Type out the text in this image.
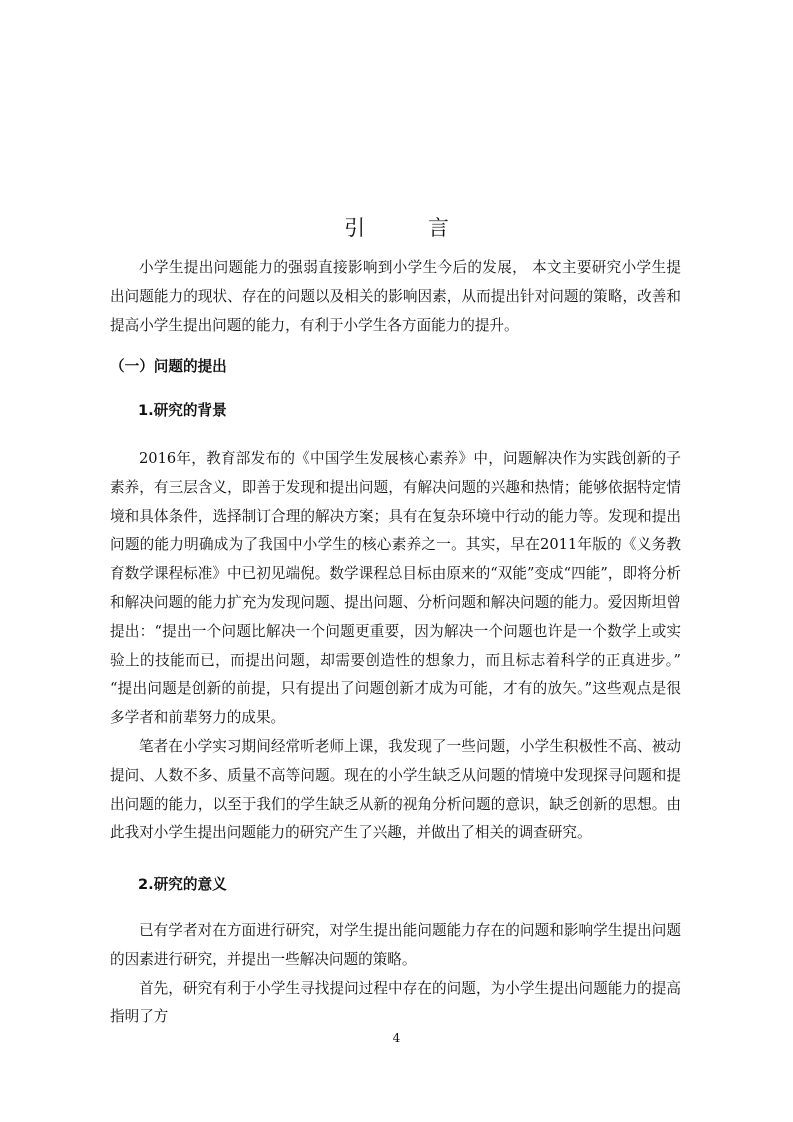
引 言

小学生提出问题能力的强弱直接影响到小学生今后的发展， 本文主要研究小学生提出问题能力的现状、存在的问题以及相关的影响因素，从而提出针对问题的策略，改善和提高小学生提出问题的能力，有利于小学生各方面能力的提升。

（一）问题的提出
1.研究的背景

2016年，教育部发布的《中国学生发展核心素养》中，问题解决作为实践创新的子素养，有三层含义，即善于发现和提出问题，有解决问题的兴趣和热情；能够依据特定情境和具体条件，选择制订合理的解决方案；具有在复杂环境中行动的能力等。发现和提出问题的能力明确成为了我国中小学生的核心素养之一。其实，早在2011年版的《义务教育数学课程标准》中已初见端倪。数学课程总目标由原来的“双能”变成“四能”，即将分析和解决问题的能力扩充为发现问题、提出问题、分析问题和解决问题的能力。爱因斯坦曾提出：“提出一个问题比解决一个问题更重要，因为解决一个问题也许是一个数学上或实验上的技能而已，而提出问题，却需要创造性的想象力，而且标志着科学的正真进步。” “提出问题是创新的前提，只有提出了问题创新才成为可能，才有的放矢。”这些观点是很多学者和前辈努力的成果。

笔者在小学实习期间经常听老师上课，我发现了一些问题，小学生积极性不高、被动提问、人数不多、质量不高等问题。现在的小学生缺乏从问题的情境中发现探寻问题和提出问题的能力，以至于我们的学生缺乏从新的视角分析问题的意识，缺乏创新的思想。由此我对小学生提出问题能力的研究产生了兴趣，并做出了相关的调查研究。

2.研究的意义

已有学者对在方面进行研究，对学生提出能问题能力存在的问题和影响学生提出问题的因素进行研究，并提出一些解决问题的策略。

首先，研究有利于小学生寻找提问过程中存在的问题，为小学生提出问题能力的提高指明了方

4
